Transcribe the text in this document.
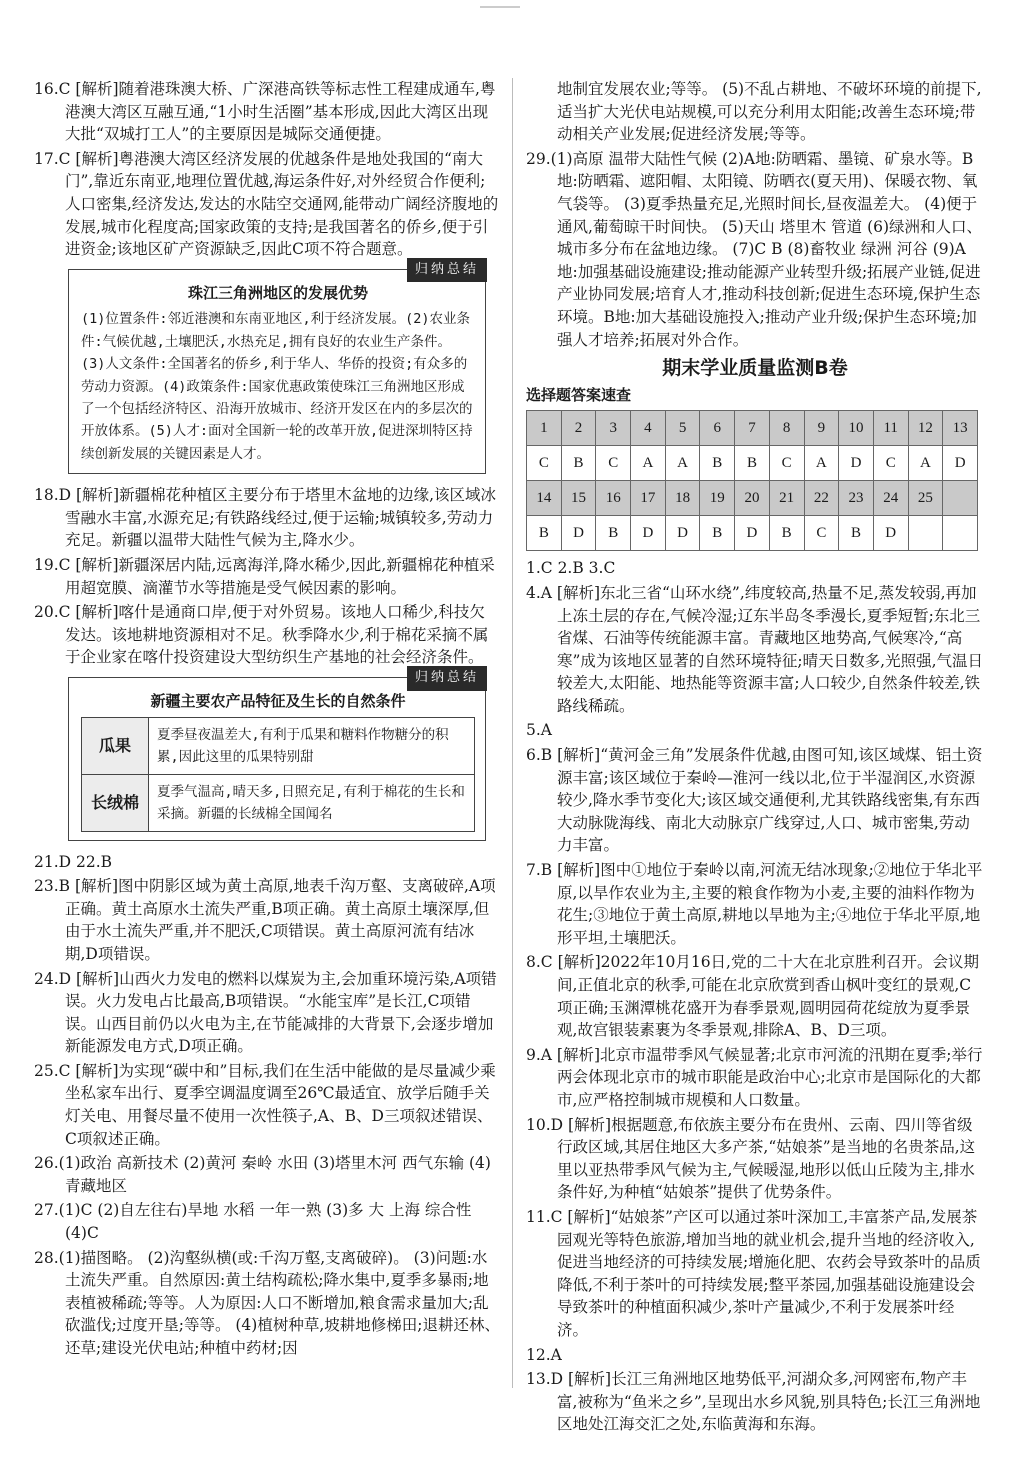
16.C [解析]随着港珠澳大桥、广深港高铁等标志性工程建成通车,粤港澳大湾区互融互通,“1小时生活圈”基本形成,因此大湾区出现大批“双城打工人”的主要原因是城际交通便捷。

17.C [解析]粤港澳大湾区经济发展的优越条件是地处我国的“南大门”,靠近东南亚,地理位置优越,海运条件好,对外经贸合作便利;人口密集,经济发达,发达的水陆空交通网,能带动广阔经济腹地的发展,城市化程度高;国家政策的支持;是我国著名的侨乡,便于引进资金;该地区矿产资源缺乏,因此C项不符合题意。

归纳总结
珠江三角洲地区的发展优势
(1)位置条件:邻近港澳和东南亚地区,利于经济发展。(2)农业条件:气候优越,土壤肥沃,水热充足,拥有良好的农业生产条件。(3)人文条件:全国著名的侨乡,利于华人、华侨的投资;有众多的劳动力资源。(4)政策条件:国家优惠政策使珠江三角洲地区形成了一个包括经济特区、沿海开放城市、经济开发区在内的多层次的开放体系。(5)人才:面对全国新一轮的改革开放,促进深圳特区持续创新发展的关键因素是人才。

18.D [解析]新疆棉花种植区主要分布于塔里木盆地的边缘,该区域冰雪融水丰富,水源充足;有铁路线经过,便于运输;城镇较多,劳动力充足。新疆以温带大陆性气候为主,降水少。

19.C [解析]新疆深居内陆,远离海洋,降水稀少,因此,新疆棉花种植采用超宽膜、滴灌节水等措施是受气候因素的影响。

20.C [解析]喀什是通商口岸,便于对外贸易。该地人口稀少,科技欠发达。该地耕地资源相对不足。秋季降水少,利于棉花采摘不属于企业家在喀什投资建设大型纺织生产基地的社会经济条件。

归纳总结
新疆主要农产品特征及生长的自然条件
瓜果	夏季昼夜温差大,有利于瓜果和糖料作物糖分的积累,因此这里的瓜果特别甜
长绒棉	夏季气温高,晴天多,日照充足,有利于棉花的生长和采摘。新疆的长绒棉全国闻名

21.D 22.B

23.B [解析]图中阴影区域为黄土高原,地表千沟万壑、支离破碎,A项正确。黄土高原水土流失严重,B项正确。黄土高原土壤深厚,但由于水土流失严重,并不肥沃,C项错误。黄土高原河流有结冰期,D项错误。

24.D [解析]山西火力发电的燃料以煤炭为主,会加重环境污染,A项错误。火力发电占比最高,B项错误。“水能宝库”是长江,C项错误。山西目前仍以火电为主,在节能减排的大背景下,会逐步增加新能源发电方式,D项正确。

25.C [解析]为实现“碳中和”目标,我们在生活中能做的是尽量减少乘坐私家车出行、夏季空调温度调至26℃最适宜、放学后随手关灯关电、用餐尽量不使用一次性筷子,A、B、D三项叙述错误、C项叙述正确。

26.(1)政治 高新技术 (2)黄河 秦岭 水田 (3)塔里木河 西气东输 (4)青藏地区

27.(1)C (2)自左往右)旱地 水稻 一年一熟 (3)多 大 上海 综合性 (4)C

28.(1)描图略。 (2)沟壑纵横(或:千沟万壑,支离破碎)。 (3)问题:水土流失严重。自然原因:黄土结构疏松;降水集中,夏季多暴雨;地表植被稀疏;等等。人为原因:人口不断增加,粮食需求量加大;乱砍滥伐;过度开垦;等等。 (4)植树种草,坡耕地修梯田;退耕还林、还草;建设光伏电站;种植中药材;因

地制宜发展农业;等等。 (5)不乱占耕地、不破坏环境的前提下,适当扩大光伏电站规模,可以充分利用太阳能;改善生态环境;带动相关产业发展;促进经济发展;等等。

29.(1)高原 温带大陆性气候 (2)A地:防晒霜、墨镜、矿泉水等。B地:防晒霜、遮阳帽、太阳镜、防晒衣(夏天用)、保暖衣物、氧气袋等。 (3)夏季热量充足,光照时间长,昼夜温差大。 (4)便于通风,葡萄晾干时间快。 (5)天山 塔里木 管道 (6)绿洲和人口、城市多分布在盆地边缘。 (7)C B (8)畜牧业 绿洲 河谷 (9)A地:加强基础设施建设;推动能源产业转型升级;拓展产业链,促进产业协同发展;培育人才,推动科技创新;促进生态环境,保护生态环境。B地:加大基础设施投入;推动产业升级;保护生态环境;加强人才培养;拓展对外合作。

期末学业质量监测B卷
选择题答案速查
1	2	3	4	5	6	7	8	9	10	11	12	13
C	B	C	A	A	B	B	C	A	D	C	A	D
14	15	16	17	18	19	20	21	22	23	24	25	
B	D	B	D	D	B	D	B	C	B	D		

1.C 2.B 3.C

4.A [解析]东北三省“山环水绕”,纬度较高,热量不足,蒸发较弱,再加上冻土层的存在,气候冷湿;辽东半岛冬季漫长,夏季短暂;东北三省煤、石油等传统能源丰富。青藏地区地势高,气候寒冷,“高寒”成为该地区显著的自然环境特征;晴天日数多,光照强,气温日较差大,太阳能、地热能等资源丰富;人口较少,自然条件较差,铁路线稀疏。

5.A

6.B [解析]“黄河金三角”发展条件优越,由图可知,该区域煤、铝土资源丰富;该区域位于秦岭—淮河一线以北,位于半湿润区,水资源较少,降水季节变化大;该区域交通便利,尤其铁路线密集,有东西大动脉陇海线、南北大动脉京广线穿过,人口、城市密集,劳动力丰富。

7.B [解析]图中①地位于秦岭以南,河流无结冰现象;②地位于华北平原,以旱作农业为主,主要的粮食作物为小麦,主要的油料作物为花生;③地位于黄土高原,耕地以旱地为主;④地位于华北平原,地形平坦,土壤肥沃。

8.C [解析]2022年10月16日,党的二十大在北京胜利召开。会议期间,正值北京的秋季,可能在北京欣赏到香山枫叶变红的景观,C项正确;玉渊潭桃花盛开为春季景观,圆明园荷花绽放为夏季景观,故宫银装素裹为冬季景观,排除A、B、D三项。

9.A [解析]北京市温带季风气候显著;北京市河流的汛期在夏季;举行两会体现北京市的城市职能是政治中心;北京市是国际化的大都市,应严格控制城市规模和人口数量。

10.D [解析]根据题意,布依族主要分布在贵州、云南、四川等省级行政区域,其居住地区大多产茶,“姑娘茶”是当地的名贵茶品,这里以亚热带季风气候为主,气候暖湿,地形以低山丘陵为主,排水条件好,为种植“姑娘茶”提供了优势条件。

11.C [解析]“姑娘茶”产区可以通过茶叶深加工,丰富茶产品,发展茶园观光等特色旅游,增加当地的就业机会,提升当地的经济收入,促进当地经济的可持续发展;增施化肥、农药会导致茶叶的品质降低,不利于茶叶的可持续发展;整平茶园,加强基础设施建设会导致茶叶的种植面积减少,茶叶产量减少,不利于发展茶叶经济。

12.A

13.D [解析]长江三角洲地区地势低平,河湖众多,河网密布,物产丰富,被称为“鱼米之乡”,呈现出水乡风貌,别具特色;长江三角洲地区地处江海交汇之处,东临黄海和东海。
